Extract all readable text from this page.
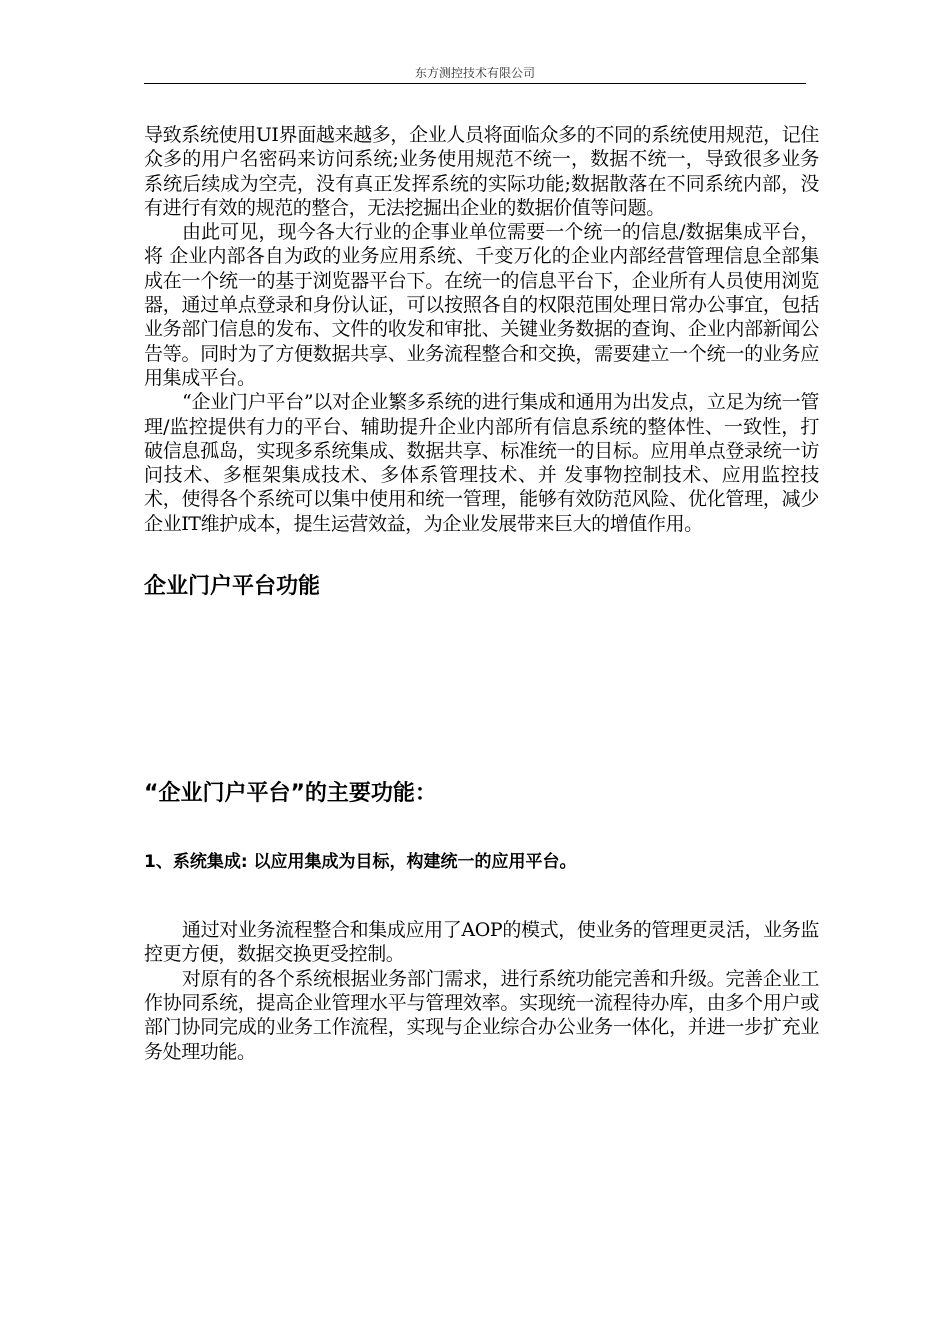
东方测控技术有限公司

导致系统使用UI界面越来越多，企业人员将面临众多的不同的系统使用规范，记住众多的用户名密码来访问系统;业务使用规范不统一，数据不统一，导致很多业务系统后续成为空壳，没有真正发挥系统的实际功能;数据散落在不同系统内部，没有进行有效的规范的整合，无法挖掘出企业的数据价值等问题。

由此可见，现今各大行业的企事业单位需要一个统一的信息/数据集成平台，将 企业内部各自为政的业务应用系统、千变万化的企业内部经营管理信息全部集成在一个统一的基于浏览器平台下。在统一的信息平台下，企业所有人员使用浏览器，通过单点登录和身份认证，可以按照各自的权限范围处理日常办公事宜，包括业务部门信息的发布、文件的收发和审批、关键业务数据的查询、企业内部新闻公告等。同时为了方便数据共享、业务流程整合和交换，需要建立一个统一的业务应用集成平台。

“企业门户平台”以对企业繁多系统的进行集成和通用为出发点，立足为统一管理/监控提供有力的平台、辅助提升企业内部所有信息系统的整体性、一致性，打破信息孤岛，实现多系统集成、数据共享、标准统一的目标。应用单点登录统一访问技术、多框架集成技术、多体系管理技术、并 发事物控制技术、应用监控技术，使得各个系统可以集中使用和统一管理，能够有效防范风险、优化管理，减少企业IT维护成本，提生运营效益，为企业发展带来巨大的增值作用。

企业门户平台功能
“企业门户平台”的主要功能：
1、系统集成: 以应用集成为目标，构建统一的应用平台。

通过对业务流程整合和集成应用了AOP的模式，使业务的管理更灵活，业务监控更方便，数据交换更受控制。

对原有的各个系统根据业务部门需求，进行系统功能完善和升级。完善企业工作协同系统，提高企业管理水平与管理效率。实现统一流程待办库，由多个用户或部门协同完成的业务工作流程，实现与企业综合办公业务一体化，并进一步扩充业务处理功能。
